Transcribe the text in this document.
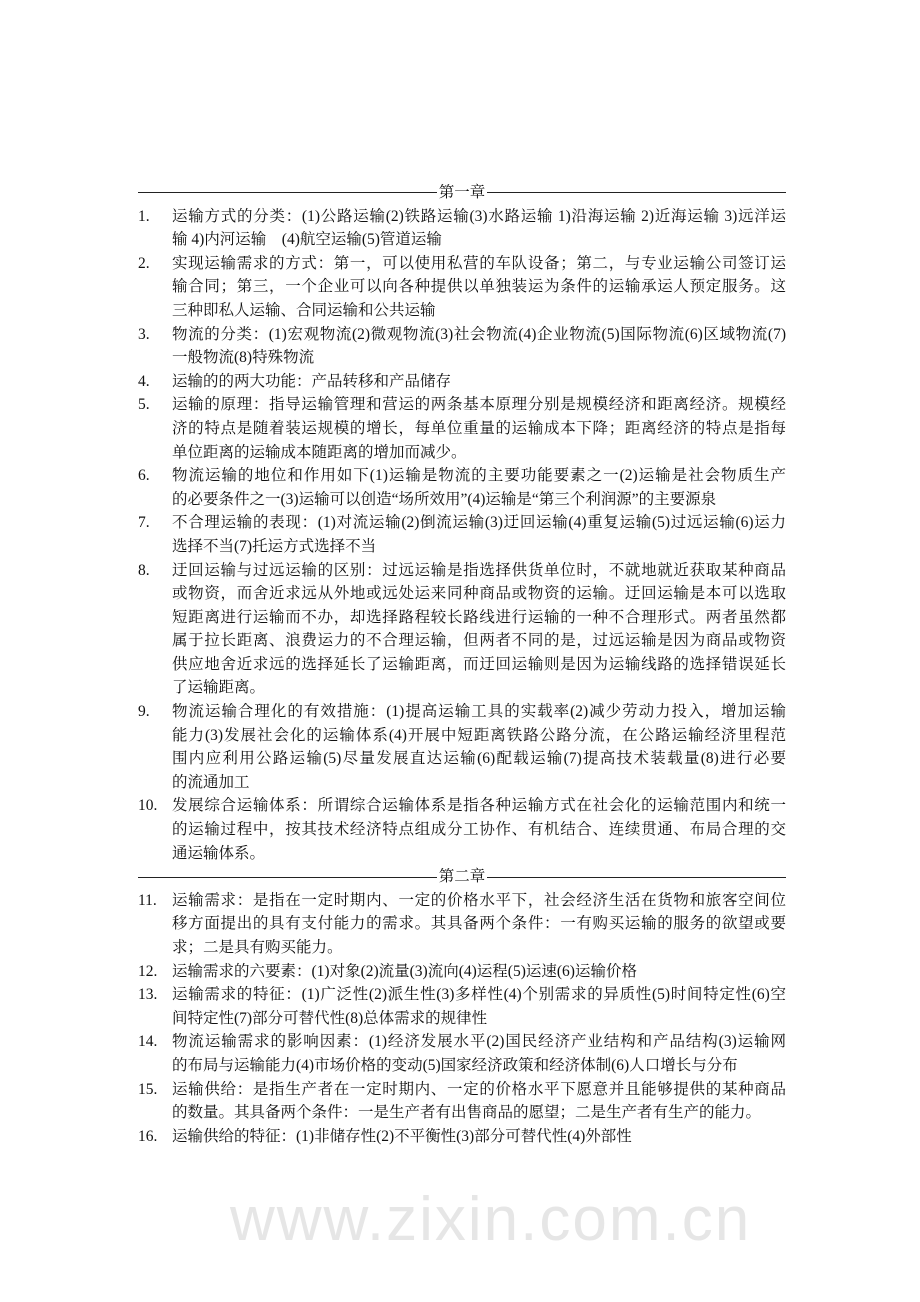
www.zixin.com.cn
第一章
1.	运输方式的分类：(1)公路运输(2)铁路运输(3)水路运输 1)沿海运输 2)近海运输 3)远洋运
输 4)内河运输　(4)航空运输(5)管道运输
2.	实现运输需求的方式：第一，可以使用私营的车队设备；第二，与专业运输公司签订运
输合同；第三，一个企业可以向各种提供以单独装运为条件的运输承运人预定服务。这
三种即私人运输、合同运输和公共运输
3.	物流的分类：(1)宏观物流(2)微观物流(3)社会物流(4)企业物流(5)国际物流(6)区域物流(7)
一般物流(8)特殊物流
4.	运输的的两大功能：产品转移和产品储存
5.	运输的原理：指导运输管理和营运的两条基本原理分别是规模经济和距离经济。规模经
济的特点是随着装运规模的增长，每单位重量的运输成本下降；距离经济的特点是指每
单位距离的运输成本随距离的增加而减少。
6.	物流运输的地位和作用如下(1)运输是物流的主要功能要素之一(2)运输是社会物质生产
的必要条件之一(3)运输可以创造“场所效用”(4)运输是“第三个利润源”的主要源泉
7.	不合理运输的表现：(1)对流运输(2)倒流运输(3)迂回运输(4)重复运输(5)过远运输(6)运力
选择不当(7)托运方式选择不当
8.	迂回运输与过远运输的区别：过远运输是指选择供货单位时，不就地就近获取某种商品
或物资，而舍近求远从外地或远处运来同种商品或物资的运输。迂回运输是本可以选取
短距离进行运输而不办，却选择路程较长路线进行运输的一种不合理形式。两者虽然都
属于拉长距离、浪费运力的不合理运输，但两者不同的是，过远运输是因为商品或物资
供应地舍近求远的选择延长了运输距离，而迂回运输则是因为运输线路的选择错误延长
了运输距离。
9.	物流运输合理化的有效措施：(1)提高运输工具的实载率(2)减少劳动力投入，增加运输
能力(3)发展社会化的运输体系(4)开展中短距离铁路公路分流，在公路运输经济里程范
围内应利用公路运输(5)尽量发展直达运输(6)配载运输(7)提高技术装载量(8)进行必要
的流通加工
10. 发展综合运输体系：所谓综合运输体系是指各种运输方式在社会化的运输范围内和统一
的运输过程中，按其技术经济特点组成分工协作、有机结合、连续贯通、布局合理的交
通运输体系。
第二章
11. 运输需求：是指在一定时期内、一定的价格水平下，社会经济生活在货物和旅客空间位
移方面提出的具有支付能力的需求。其具备两个条件：一有购买运输的服务的欲望或要
求；二是具有购买能力。
12. 运输需求的六要素：(1)对象(2)流量(3)流向(4)运程(5)运速(6)运输价格
13. 运输需求的特征：(1)广泛性(2)派生性(3)多样性(4)个别需求的异质性(5)时间特定性(6)空
间特定性(7)部分可替代性(8)总体需求的规律性
14. 物流运输需求的影响因素：(1)经济发展水平(2)国民经济产业结构和产品结构(3)运输网
的布局与运输能力(4)市场价格的变动(5)国家经济政策和经济体制(6)人口增长与分布
15. 运输供给：是指生产者在一定时期内、一定的价格水平下愿意并且能够提供的某种商品
的数量。其具备两个条件：一是生产者有出售商品的愿望；二是生产者有生产的能力。
16. 运输供给的特征：(1)非储存性(2)不平衡性(3)部分可替代性(4)外部性
